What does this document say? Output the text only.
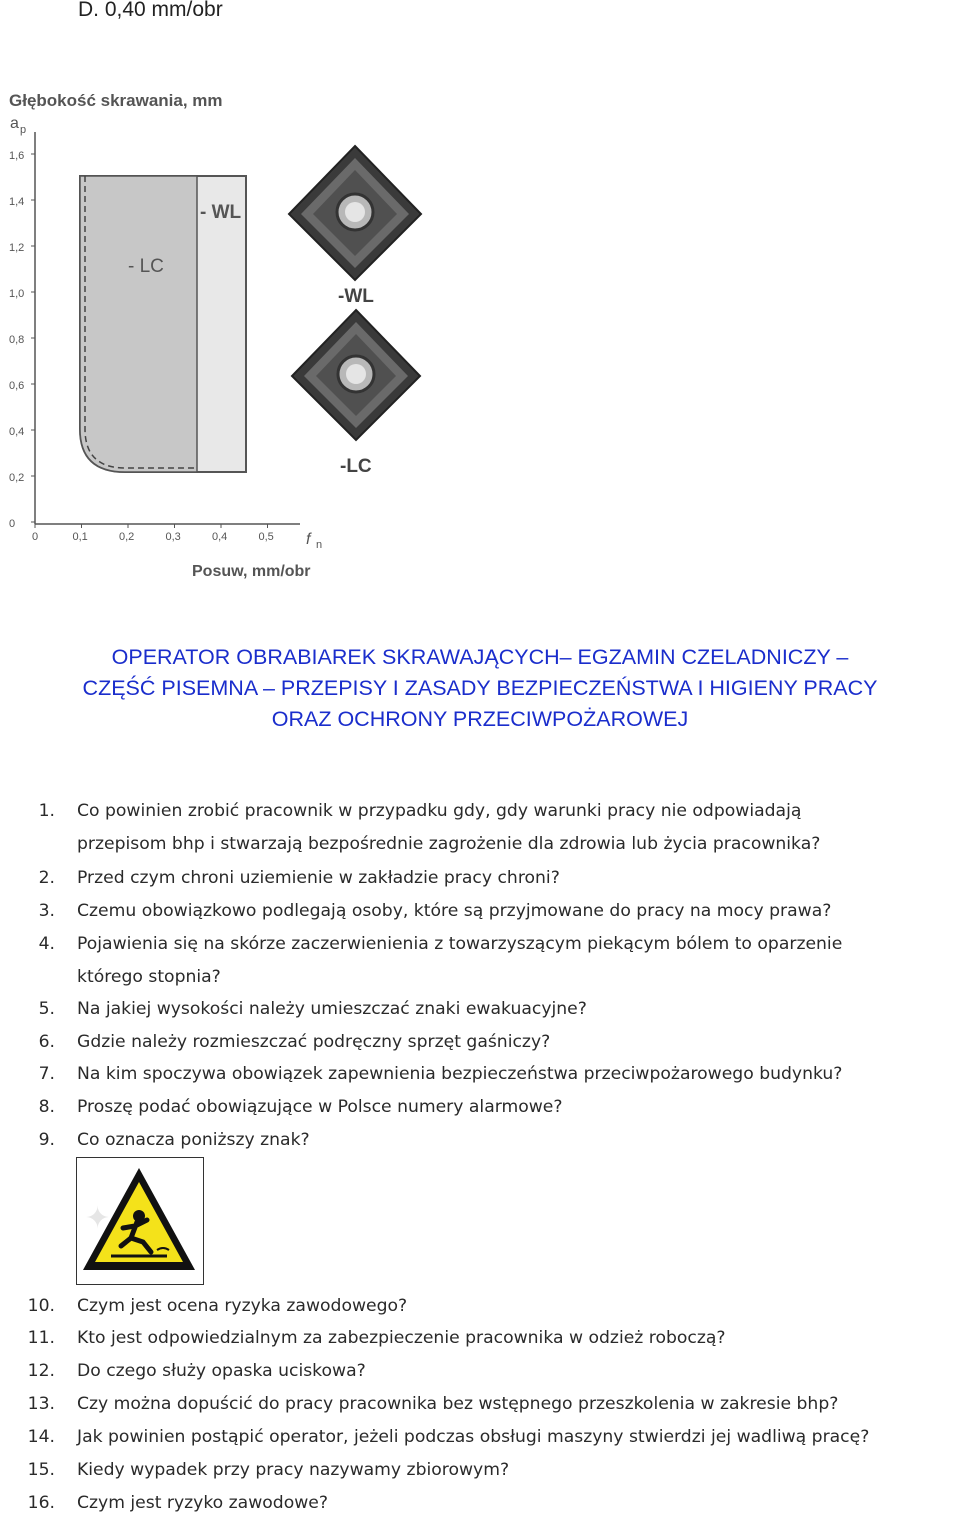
D. 0,40 mm/obr
Głębokość skrawania, mm
a p
1,6
1,4
1,2
1,0
0,8
0,6
0,4
0,2
0
0	0,1	0,2	0,3	0,4	0,5 f n
Posuw, mm/obr
- LC
- WL
-WL
-LC
OPERATOR OBRABIAREK SKRAWAJĄCYCH– EGZAMIN CZELADNICZY –
CZĘŚĆ PISEMNA – PRZEPISY I ZASADY BEZPIECZEŃSTWA I HIGIENY PRACY
ORAZ OCHRONY PRZECIWPOŻAROWEJ
1. Co powinien zrobić pracownik w przypadku gdy, gdy warunki pracy nie odpowiadają
przepisom bhp i stwarzają bezpośrednie zagrożenie dla zdrowia lub życia pracownika?
2. Przed czym chroni uziemienie w zakładzie pracy chroni?
3. Czemu obowiązkowo podlegają osoby, które są przyjmowane do pracy na mocy prawa?
4. Pojawienia się na skórze zaczerwienienia z towarzyszącym piekącym bólem to oparzenie
którego stopnia?
5. Na jakiej wysokości należy umieszczać znaki ewakuacyjne?
6. Gdzie należy rozmieszczać podręczny sprzęt gaśniczy?
7. Na kim spoczywa obowiązek zapewnienia bezpieczeństwa przeciwpożarowego budynku?
8. Proszę podać obowiązujące w Polsce numery alarmowe?
9. Co oznacza poniższy znak?
10. Czym jest ocena ryzyka zawodowego?
11. Kto jest odpowiedzialnym za zabezpieczenie pracownika w odzież roboczą?
12. Do czego służy opaska uciskowa?
13. Czy można dopuścić do pracy pracownika bez wstępnego przeszkolenia w zakresie bhp?
14. Jak powinien postąpić operator, jeżeli podczas obsługi maszyny stwierdzi jej wadliwą pracę?
15. Kiedy wypadek przy pracy nazywamy zbiorowym?
16. Czym jest ryzyko zawodowe?
✦
